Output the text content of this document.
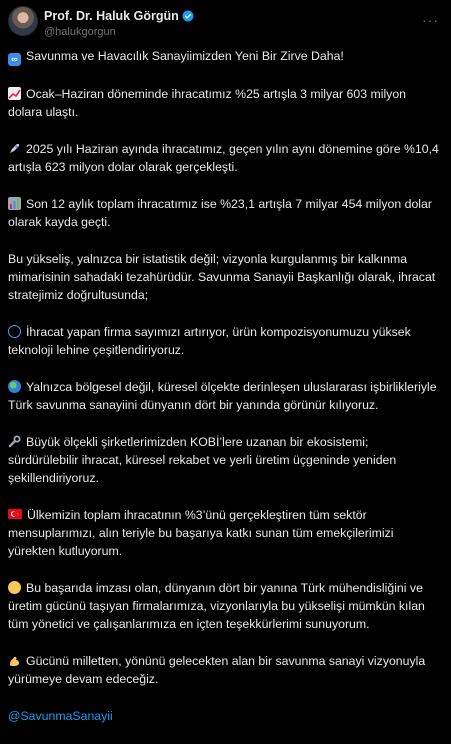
Prof. Dr. Haluk Görgün
@halukgorgun
···

∞ Savunma ve Havacılık Sanayiimizden Yeni Bir Zirve Daha!

Ocak–Haziran döneminde ihracatımız %25 artışla 3 milyar 603 milyon dolara ulaştı.

2025 yılı Haziran ayında ihracatımız, geçen yılın aynı dönemine göre %10,4 artışla 623 milyon dolar olarak gerçekleşti.

Son 12 aylık toplam ihracatımız ise %23,1 artışla 7 milyar 454 milyon dolar olarak kayda geçti.

Bu yükseliş, yalnızca bir istatistik değil; vizyonla kurgulanmış bir kalkınma mimarisinin sahadaki tezahürüdür. Savunma Sanayii Başkanlığı olarak, ihracat stratejimiz doğrultusunda;

İhracat yapan firma sayımızı artırıyor, ürün kompozisyonumuzu yüksek teknoloji lehine çeşitlendiriyoruz.

Yalnızca bölgesel değil, küresel ölçekte derinleşen uluslararası işbirlikleriyle Türk savunma sanayiini dünyanın dört bir yanında görünür kılıyoruz.

Büyük ölçekli şirketlerimizden KOBİ’lere uzanan bir ekosistemi; sürdürülebilir ihracat, küresel rekabet ve yerli üretim üçgeninde yeniden şekillendiriyoruz.

Ülkemizin toplam ihracatının %3’ünü gerçekleştiren tüm sektör mensuplarımızı, alın teriyle bu başarıya katkı sunan tüm emekçilerimizi yürekten kutluyorum.

Bu başarıda imzası olan, dünyanın dört bir yanına Türk mühendisliğini ve üretim gücünü taşıyan firmalarımıza, vizyonlarıyla bu yükselişi mümkün kılan tüm yönetici ve çalışanlarımıza en içten teşekkürlerimi sunuyorum.

Gücünü milletten, yönünü gelecekten alan bir savunma sanayi vizyonuyla yürümeye devam edeceğiz.

@SavunmaSanayii
